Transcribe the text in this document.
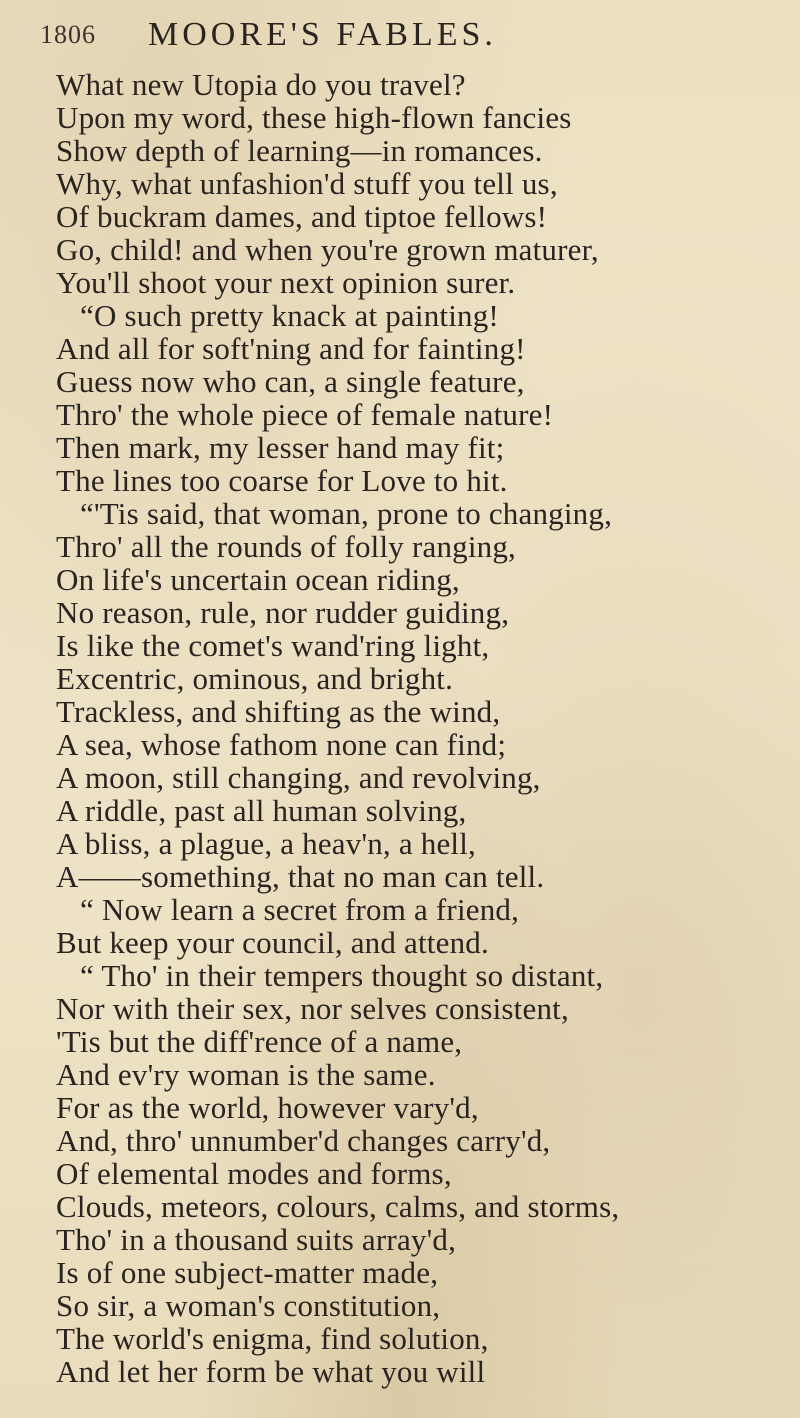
1806 MOORE'S FABLES.
What new Utopia do you travel?
Upon my word, these high-flown fancies
Show depth of learning—in romances.
Why, what unfashion'd stuff you tell us,
Of buckram dames, and tiptoe fellows!
Go, child! and when you're grown maturer,
You'll shoot your next opinion surer.
“O such pretty knack at painting!
And all for soft'ning and for fainting!
Guess now who can, a single feature,
Thro' the whole piece of female nature!
Then mark, my lesser hand may fit;
The lines too coarse for Love to hit.
“'Tis said, that woman, prone to changing,
Thro' all the rounds of folly ranging,
On life's uncertain ocean riding,
No reason, rule, nor rudder guiding,
Is like the comet's wand'ring light,
Excentric, ominous, and bright.
Trackless, and shifting as the wind,
A sea, whose fathom none can find;
A moon, still changing, and revolving,
A riddle, past all human solving,
A bliss, a plague, a heav'n, a hell,
A——something, that no man can tell.
“ Now learn a secret from a friend,
But keep your council, and attend.
“ Tho' in their tempers thought so distant,
Nor with their sex, nor selves consistent,
'Tis but the diff'rence of a name,
And ev'ry woman is the same.
For as the world, however vary'd,
And, thro' unnumber'd changes carry'd,
Of elemental modes and forms,
Clouds, meteors, colours, calms, and storms,
Tho' in a thousand suits array'd,
Is of one subject-matter made,
So sir, a woman's constitution,
The world's enigma, find solution,
And let her form be what you will
